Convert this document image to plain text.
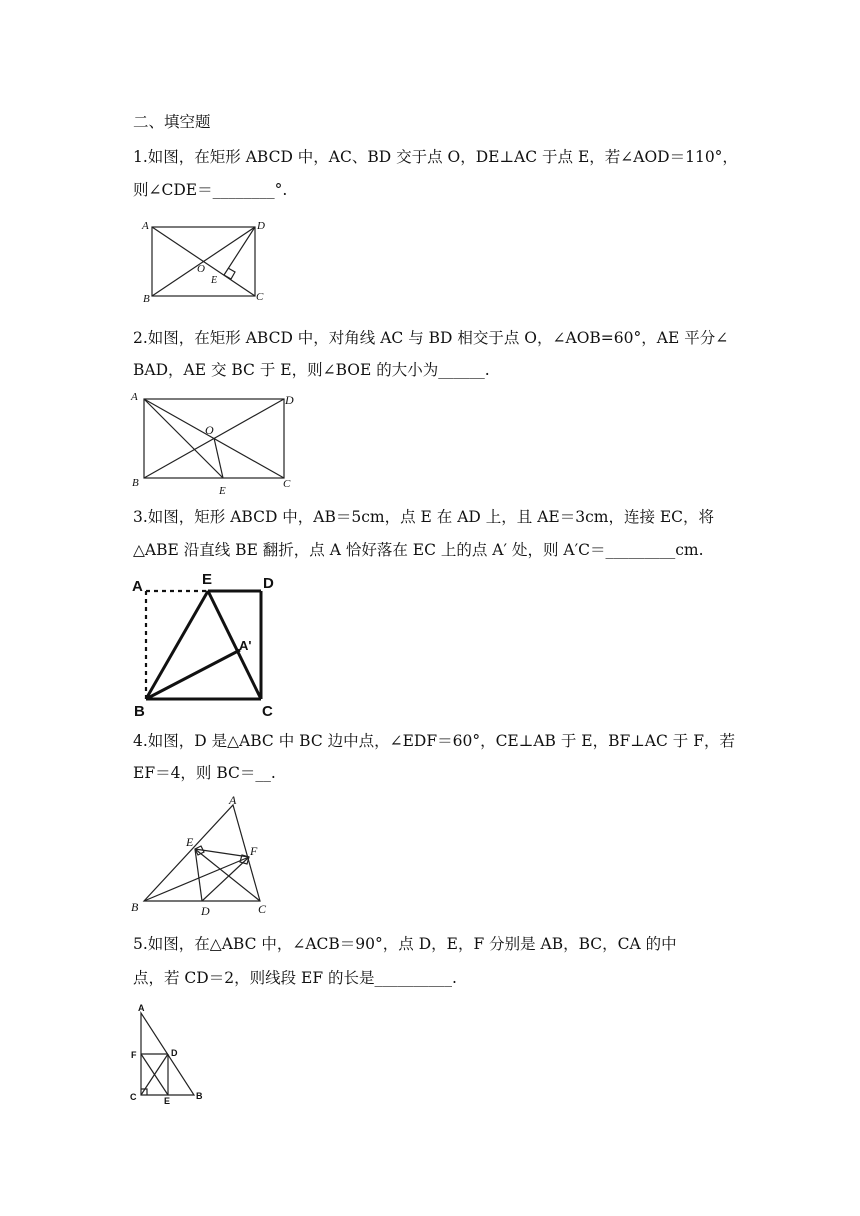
二、填空题
1.如图，在矩形 ABCD 中，AC、BD 交于点 O，DE⊥AC 于点 E，若∠AOD＝110°，
则∠CDE＝________°.
A	D
O
E
B	C
2.如图，在矩形 ABCD 中，对角线 AC 与 BD 相交于点 O，∠AOB=60°，AE 平分∠
BAD，AE 交 BC 于 E，则∠BOE 的大小为______.
A	D
O
B
E
C
3.如图，矩形 ABCD 中，AB＝5cm，点 E 在 AD 上，且 AE＝3cm，连接 EC，将
△ABE 沿直线 BE 翻折，点 A 恰好落在 EC 上的点 A′ 处，则 A′C＝_________cm.
A	E	D
A'
B	C
4.如图，D 是△ABC 中 BC 边中点，∠EDF＝60°，CE⊥AB 于 E，BF⊥AC 于 F，若
EF＝4，则 BC＝__.
A
E
F
B	D	C
5.如图，在△ABC 中，∠ACB＝90°，点 D，E，F 分别是 AB，BC，CA 的中
点，若 CD＝2，则线段 EF 的长是__________.
A
F	D
C	E	B
